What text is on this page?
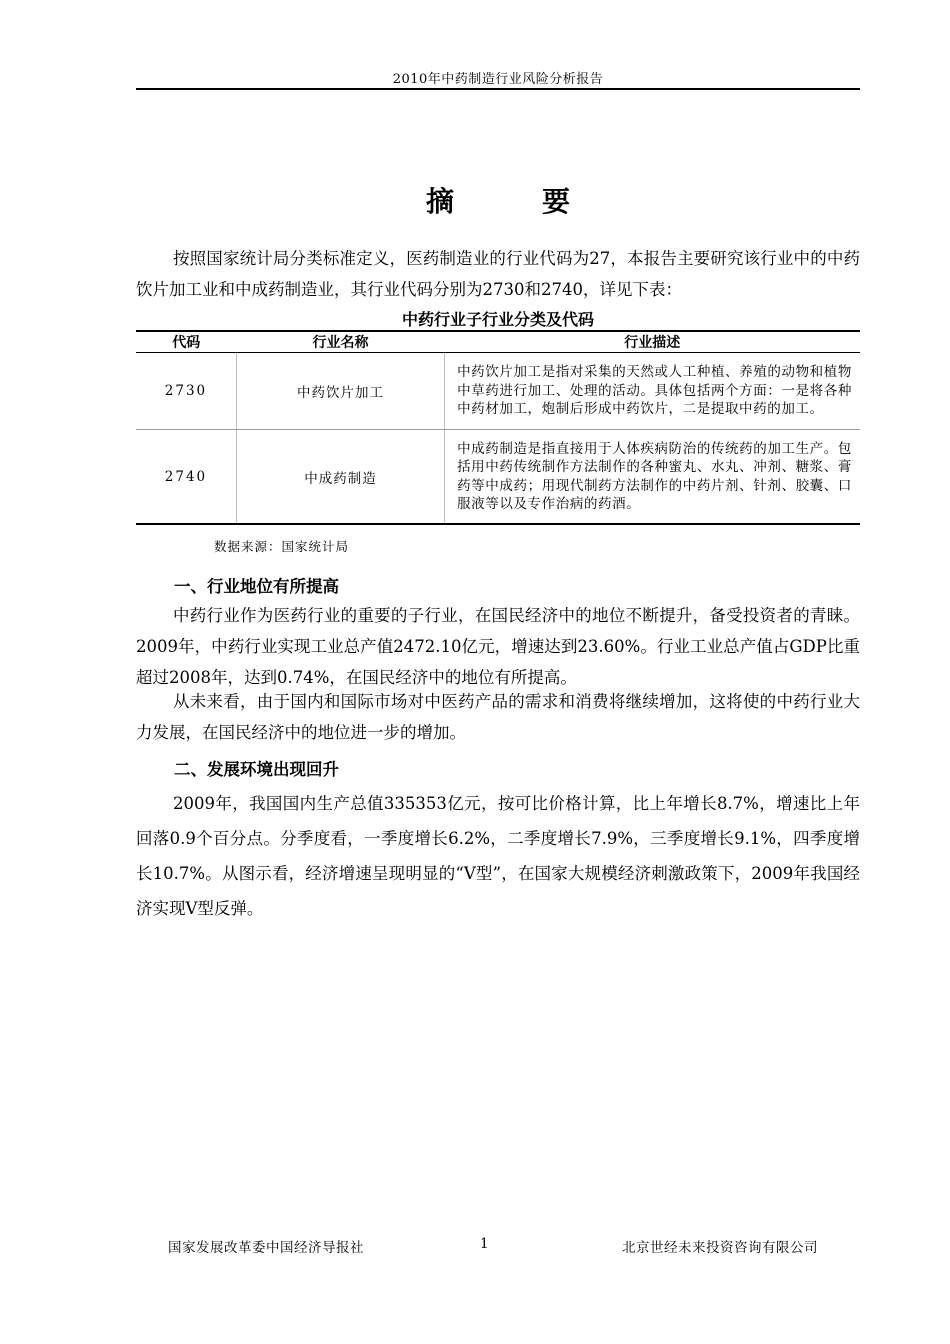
2010年中药制造行业风险分析报告
摘　要
按照国家统计局分类标准定义，医药制造业的行业代码为27，本报告主要研究该行业中的中药饮片加工业和中成药制造业，其行业代码分别为2730和2740，详见下表：
中药行业子行业分类及代码
代码	行业名称	行业描述
2730	中药饮片加工	中药饮片加工是指对采集的天然或人工种植、养殖的动物和植物中草药进行加工、处理的活动。具体包括两个方面：一是将各种中药材加工，炮制后形成中药饮片，二是提取中药的加工。
2740	中成药制造	中成药制造是指直接用于人体疾病防治的传统药的加工生产。包括用中药传统制作方法制作的各种蜜丸、水丸、冲剂、糖浆、膏药等中成药；用现代制药方法制作的中药片剂、针剂、胶囊、口服液等以及专作治病的药酒。
数据来源：国家统计局
一、行业地位有所提高
中药行业作为医药行业的重要的子行业，在国民经济中的地位不断提升，备受投资者的青睐。2009年，中药行业实现工业总产值2472.10亿元，增速达到23.60%。行业工业总产值占GDP比重超过2008年，达到0.74%，在国民经济中的地位有所提高。
从未来看，由于国内和国际市场对中医药产品的需求和消费将继续增加，这将使的中药行业大力发展，在国民经济中的地位进一步的增加。
二、发展环境出现回升
2009年，我国国内生产总值335353亿元，按可比价格计算，比上年增长8.7%，增速比上年回落0.9个百分点。分季度看，一季度增长6.2%，二季度增长7.9%，三季度增长9.1%，四季度增长10.7%。从图示看，经济增速呈现明显的“V型”，在国家大规模经济刺激政策下，2009年我国经济实现V型反弹。
国家发展改革委中国经济导报社	1	北京世经未来投资咨询有限公司
